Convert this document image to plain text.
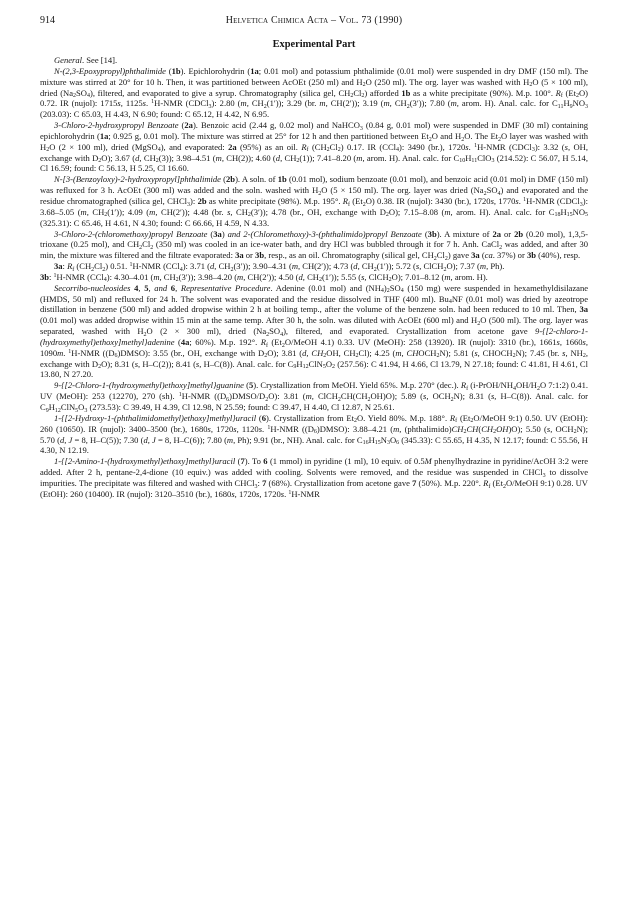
914	Helvetica Chimica Acta – Vol. 73 (1990)
Experimental Part

General. See [14].

N-(2,3-Epoxypropyl)phthalimide (1b). Epichlorohydrin (1a; 0.01 mol) and potassium phthalimide (0.01 mol) were suspended in dry DMF (150 ml). The mixture was stirred at 20° for 10 h. Then, it was partitioned between AcOEt (250 ml) and $H_2O$ (250 ml). The org. layer was washed with $H_2O$ (5 × 100 ml), dried $(Na_2SO_4)$, filtered, and evaporated to give a syrup. Chromatography (silica gel, $CH_2Cl_2$) afforded 1b as a white precipitate (90%). M.p. 100°. $R_f$ $(Et_2O)$ 0.72. IR (nujol): 1715s, 1125s. $^1$H-NMR (CDCl$_3$): 2.80 (m, $CH_2(1')$); 3.29 (br. m, CH(2′)); 3.19 (m, $CH_2(3')$); 7.80 (m, arom. H). Anal. calc. for $C_{11}H_9NO_3$ (203.03): C 65.03, H 4.43, N 6.90; found: C 65.12, H 4.42, N 6.95.

3-Chloro-2-hydroxypropyl Benzoate (2a). Benzoic acid (2.44 g, 0.02 mol) and NaHCO$_3$ (0.84 g, 0.01 mol) were suspended in DMF (30 ml) containing epichlorohydrin (1a; 0.925 g, 0.01 mol). The mixture was stirred at 25° for 12 h and then partitioned between $Et_2O$ and $H_2O$. The $Et_2O$ layer was washed with $H_2O$ (2 × 100 ml), dried (MgSO$_4$), and evaporated: 2a (95%) as an oil. $R_f$ $(CH_2Cl_2)$ 0.17. IR (CCl$_4$): 3490 (br.), 1720s. $^1$H-NMR (CDCl$_3$): 3.32 (s, OH, exchange with $D_2O$); 3.67 (d, $CH_2(3)$); 3.98–4.51 (m, CH(2)); 4.60 (d, $CH_2(1)$); 7.41–8.20 (m, arom. H). Anal. calc. for $C_{10}H_{11}ClO_3$ (214.52): C 56.07, H 5.14, Cl 16.59; found: C 56.13, H 5.25, Cl 16.60.

N-[3-(Benzoyloxy)-2-hydroxypropyl]phthalimide (2b). A soln. of 1b (0.01 mol), sodium benzoate (0.01 mol), and benzoic acid (0.01 mol) in DMF (150 ml) was refluxed for 3 h. AcOEt (300 ml) was added and the soln. washed with $H_2O$ (5 × 150 ml). The org. layer was dried $(Na_2SO_4)$ and evaporated and the residue chromatographed (silica gel, CHCl$_3$): 2b as white precipitate (98%). M.p. 195°. $R_f$ $(Et_2O)$ 0.38. IR (nujol): 3430 (br.), 1720s, 1770s. $^1$H-NMR (CDCl$_3$): 3.68–5.05 (m, $CH_2(1')$); 4.09 (m, CH(2′)); 4.48 (br. s, $CH_2(3')$); 4.78 (br., OH, exchange with $D_2O$); 7.15–8.08 (m, arom. H). Anal. calc. for $C_{18}H_{15}NO_5$ (325.31): C 65.46, H 4.61, N 4.30; found: C 66.66, H 4.59, N 4.33.

3-Chloro-2-(chloromethoxy)propyl Benzoate (3a) and 2-(Chloromethoxy)-3-(phthalimido)propyl Benzoate (3b). A mixture of 2a or 2b (0.20 mol), 1,3,5-trioxane (0.25 mol), and $CH_2Cl_2$ (350 ml) was cooled in an ice-water bath, and dry HCl was bubbled through it for 7 h. Anh. CaCl$_2$ was added, and after 30 min, the mixture was filtered and the filtrate evaporated: 3a or 3b, resp., as an oil. Chromatography (silical gel, $CH_2Cl_2$) gave 3a (ca. 37%) or 3b (40%), resp.

3a: $R_f$ $(CH_2Cl_2)$ 0.51. $^1$H-NMR (CCl$_4$): 3.71 (d, $CH_2(3')$); 3.90–4.31 (m, CH(2′)); 4.73 (d, $CH_2(1')$); 5.72 (s, ClCH$_2$O); 7.37 (m, Ph).

3b: $^1$H-NMR (CCl$_4$): 4.30–4.01 (m, $CH_2(3')$); 3.98–4.20 (m, CH(2′)); 4.50 (d, $CH_2(1')$); 5.55 (s, ClCH$_2$O); 7.01–8.12 (m, arom. H).

Secorribo-nucleosides 4, 5, and 6, Representative Procedure. Adenine (0.01 mol) and $(NH_4)_2SO_4$ (150 mg) were suspended in hexamethyldisilazane (HMDS, 50 ml) and refluxed for 24 h. The solvent was evaporated and the residue dissolved in THF (400 ml). $Bu_4NF$ (0.01 mol) was dried by azeotrope distillation in benzene (500 ml) and added dropwise within 2 h at boiling temp., after the volume of the benzene soln. had been reduced to 10 ml. Then, 3a (0.01 mol) was added dropwise within 15 min at the same temp. After 30 h, the soln. was diluted with AcOEt (600 ml) and $H_2O$ (500 ml). The org. layer was separated, washed with $H_2O$ (2 × 300 ml), dried $(Na_2SO_4)$, filtered, and evaporated. Crystallization from acetone gave 9-{[2-chloro-1-(hydroxymethyl)ethoxy]methyl}adenine (4a; 60%). M.p. 192°. $R_f$ ($Et_2O$/MeOH 4.1) 0.33. UV (MeOH): 258 (13920). IR (nujol): 3310 (br.), 1661s, 1660s, 1090m. $^1$H-NMR $((D_6)DMSO)$: 3.55 (br., OH, exchange with $D_2O$); 3.81 (d, $CH_2OH$, $CH_2Cl$); 4.25 (m, $CHOCH_2N$); 5.81 (s, $CHOCH_2N$); 7.45 (br. s, $NH_2$, exchange with $D_2O$); 8.31 (s, H–C(2)); 8.41 (s, H–C(8)). Anal. calc. for $C_9H_{12}ClN_5O_2$ (257.56): C 41.94, H 4.66, Cl 13.79, N 27.18; found: C 41.81, H 4.61, Cl 13.80, N 27.20.

9-{[2-Chloro-1-(hydroxymethyl)ethoxy]methyl}guanine (5). Crystallization from MeOH. Yield 65%. M.p. 270° (dec.). $R_f$ ($i-PrOH/NH_4OH/H_2O$ 7:1:2) 0.41. UV (MeOH): 253 (12270), 270 (sh). $^1$H-NMR $((D_6)DMSO/D_2O)$: 3.81 (m, $ClCH_2CH(CH_2OH)O$); 5.89 (s, $OCH_2N$); 8.31 (s, H–C(8)). Anal. calc. for $C_9H_{12}ClN_5O_3$ (273.53): C 39.49, H 4.39, Cl 12.98, N 25.59; found: C 39.47, H 4.40, Cl 12.87, N 25.61.

1-{[2-Hydroxy-1-(phthalimidomethyl)ethoxy]methyl}uracil (6). Crystallization from $Et_2O$. Yield 80%. M.p. 188°. $R_f$ ($Et_2O$/MeOH 9:1) 0.50. UV (EtOH): 260 (10650). IR (nujol): 3400–3500 (br.), 1680s, 1720s, 1120s. $^1$H-NMR $((D_6)DMSO)$: 3.88–4.21 (m, $(phthalimido)CH_2CH(CH_2OH)O$); 5.50 (s, $OCH_2N$); 5.70 (d, J = 8, H–C(5)); 7.30 (d, J = 8, H–C(6)); 7.80 (m, Ph); 9.91 (br., NH). Anal. calc. for $C_{16}H_{15}N_3O_6$ (345.33): C 55.65, H 4.35, N 12.17; found: C 55.56, H 4.30, N 12.19.

1-{[2-Amino-1-(hydroxymethyl)ethoxy]methyl}uracil (7). To 6 (1 mmol) in pyridine (1 ml), 10 equiv. of 0.5M phenylhydrazine in pyridine/AcOH 3:2 were added. After 2 h, pentane-2,4-dione (10 equiv.) was added with cooling. Solvents were removed, and the residue was suspended in CHCl$_3$ to dissolve impurities. The precipitate was filtered and washed with CHCl$_3$: 7 (68%). Crystallization from acetone gave 7 (50%). M.p. 220°. $R_f$ ($Et_2O$/MeOH 9:1) 0.28. UV (EtOH): 260 (10400). IR (nujol): 3120–3510 (br.), 1680s, 1720s, 1720s. $^1$H-NMR
